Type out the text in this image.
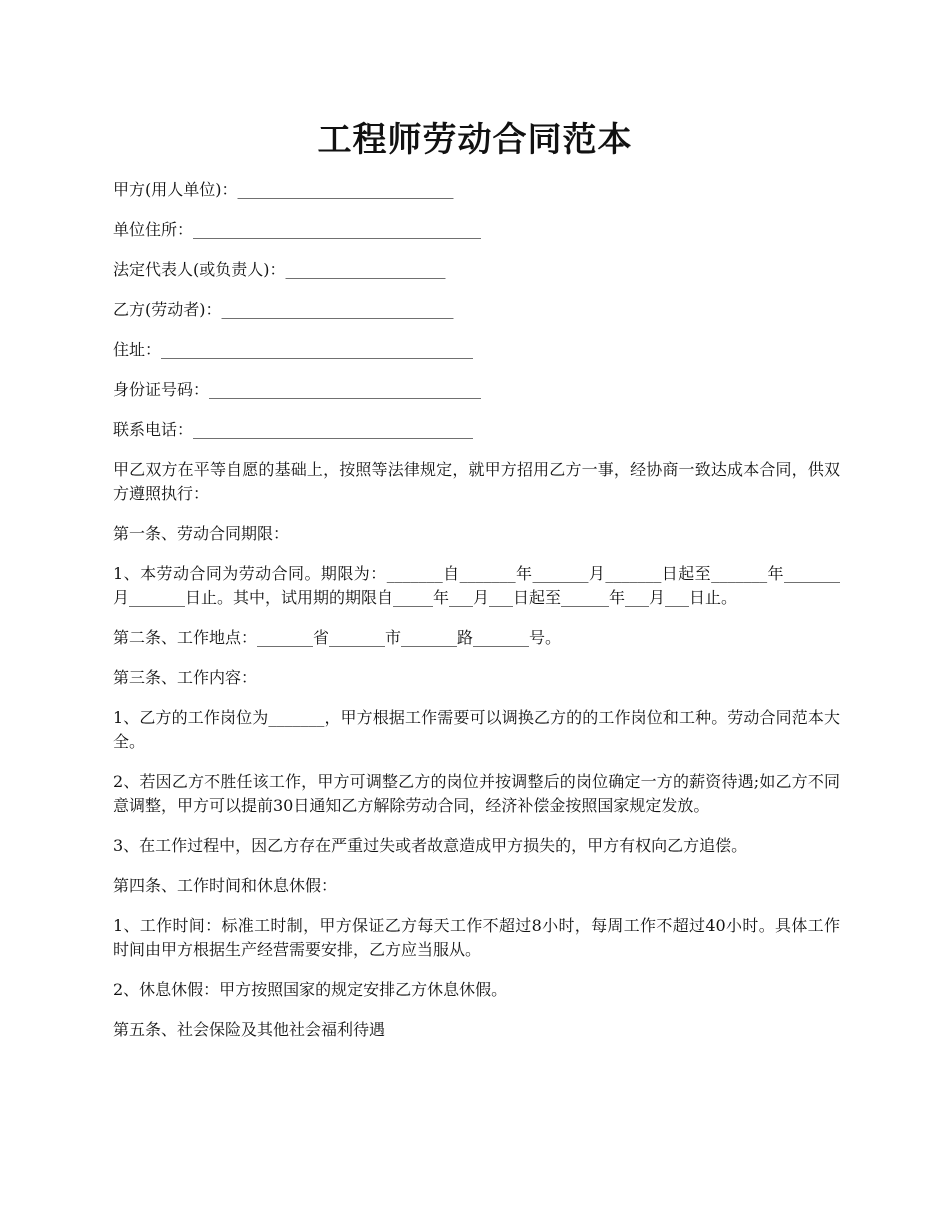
工程师劳动合同范本

甲方(用人单位)：___________________________

单位住所：____________________________________

法定代表人(或负责人)：____________________

乙方(劳动者)：_____________________________

住址：_______________________________________

身份证号码：__________________________________

联系电话：___________________________________

甲乙双方在平等自愿的基础上，按照等法律规定，就甲方招用乙方一事，经协商一致达成本合同，供双方遵照执行：

第一条、劳动合同期限：

1、本劳动合同为劳动合同。期限为：_______自_______年_______月_______日起至_______年_______月_______日止。其中，试用期的期限自_____年___月___日起至______年___月___日止。

第二条、工作地点：_______省_______市_______路_______号。

第三条、工作内容：

1、乙方的工作岗位为_______，甲方根据工作需要可以调换乙方的的工作岗位和工种。劳动合同范本大全。

2、若因乙方不胜任该工作，甲方可调整乙方的岗位并按调整后的岗位确定一方的薪资待遇;如乙方不同意调整，甲方可以提前30日通知乙方解除劳动合同，经济补偿金按照国家规定发放。

3、在工作过程中，因乙方存在严重过失或者故意造成甲方损失的，甲方有权向乙方追偿。

第四条、工作时间和休息休假：

1、工作时间：标准工时制，甲方保证乙方每天工作不超过8小时，每周工作不超过40小时。具体工作时间由甲方根据生产经营需要安排，乙方应当服从。

2、休息休假：甲方按照国家的规定安排乙方休息休假。

第五条、社会保险及其他社会福利待遇
